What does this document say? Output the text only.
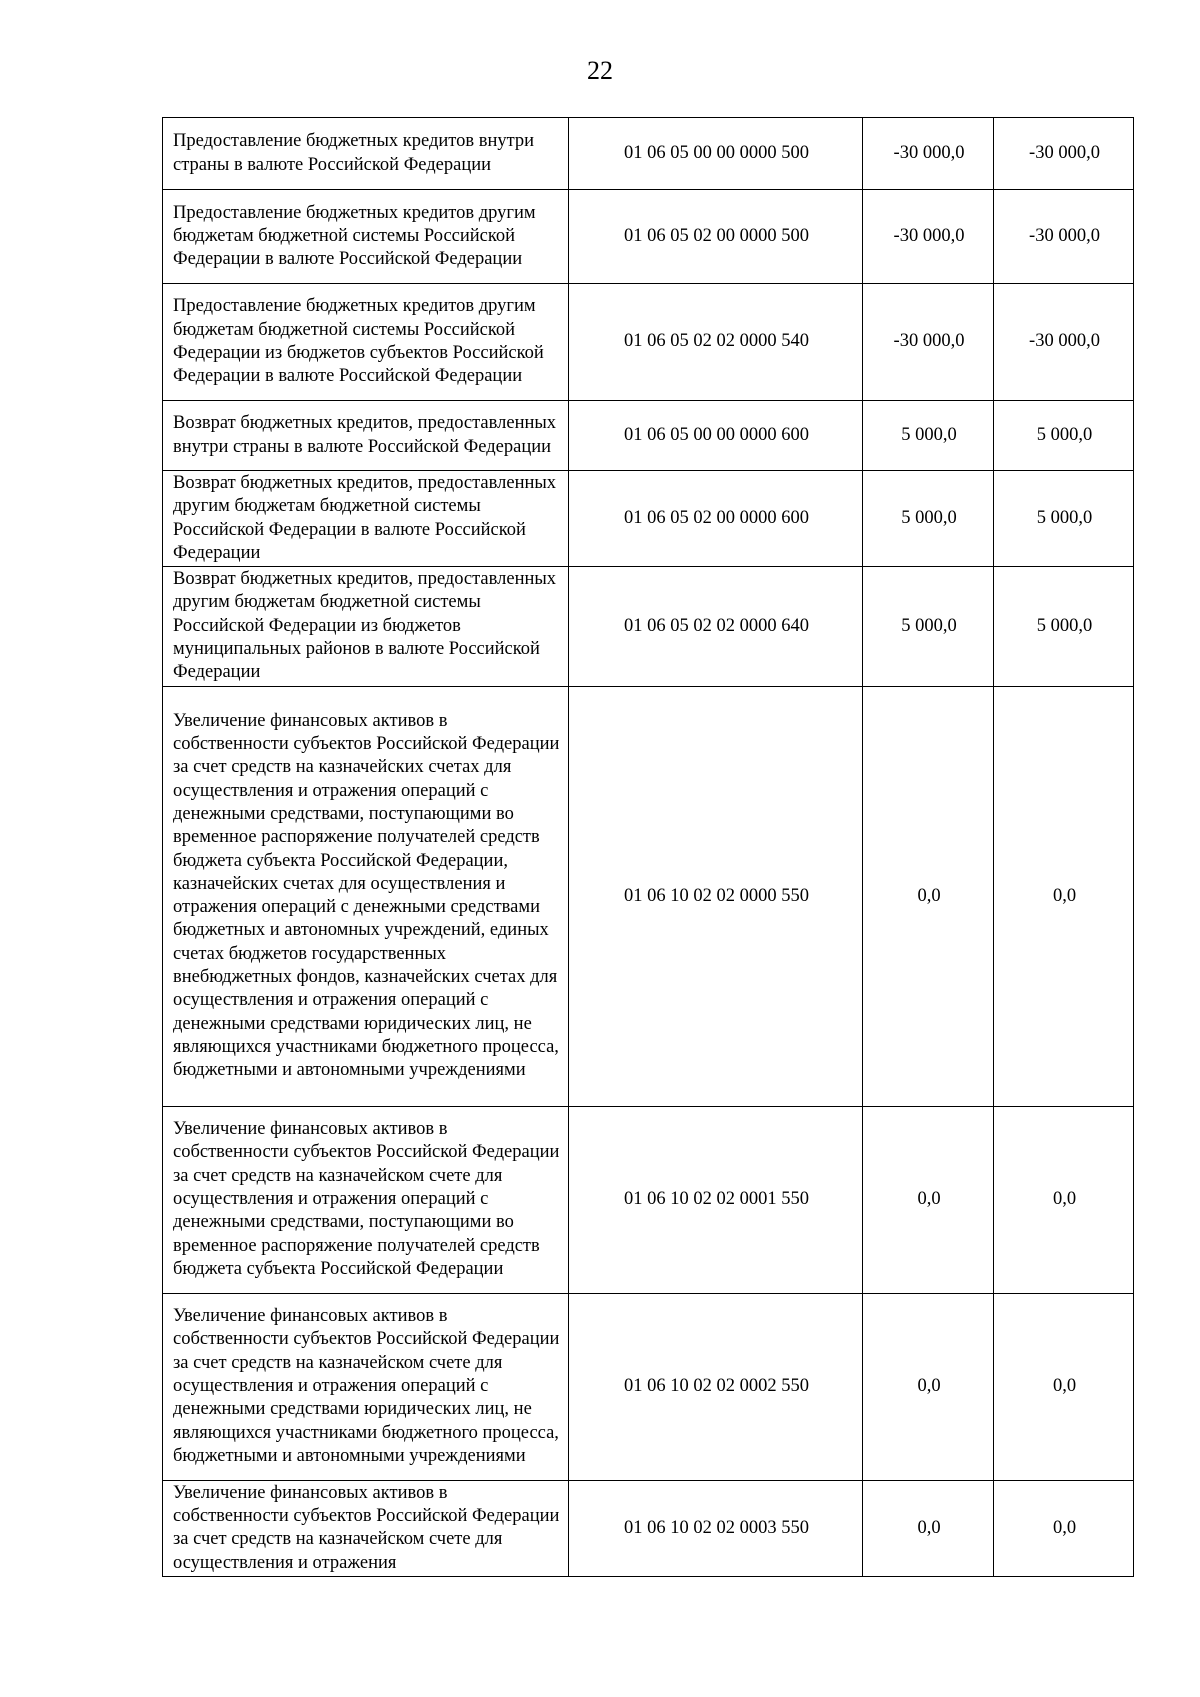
22
Предоставление бюджетных кредитов внутри страны в валюте Российской Федерации	01 06 05 00 00 0000 500	-30 000,0	-30 000,0
Предоставление бюджетных кредитов другим бюджетам бюджетной системы Российской Федерации в валюте Российской Федерации	01 06 05 02 00 0000 500	-30 000,0	-30 000,0
Предоставление бюджетных кредитов другим бюджетам бюджетной системы Российской Федерации из бюджетов субъектов Российской Федерации в валюте Российской Федерации	01 06 05 02 02 0000 540	-30 000,0	-30 000,0
Возврат бюджетных кредитов, предоставленных внутри страны в валюте Российской Федерации	01 06 05 00 00 0000 600	5 000,0	5 000,0
Возврат бюджетных кредитов, предоставленных другим бюджетам бюджетной системы Российской Федерации в валюте Российской Федерации	01 06 05 02 00 0000 600	5 000,0	5 000,0
Возврат бюджетных кредитов, предоставленных другим бюджетам бюджетной системы Российской Федерации из бюджетов муниципальных районов в валюте Российской Федерации	01 06 05 02 02 0000 640	5 000,0	5 000,0
Увеличение финансовых активов в собственности субъектов Российской Федерации за счет средств на казначейских счетах для осуществления и отражения операций с денежными средствами, поступающими во временное распоряжение получателей средств бюджета субъекта Российской Федерации, казначейских счетах для осуществления и отражения операций с денежными средствами бюджетных и автономных учреждений, единых счетах бюджетов государственных внебюджетных фондов, казначейских счетах для осуществления и отражения операций с денежными средствами юридических лиц, не являющихся участниками бюджетного процесса, бюджетными и автономными учреждениями	01 06 10 02 02 0000 550	0,0	0,0
Увеличение финансовых активов в собственности субъектов Российской Федерации за счет средств на казначейском счете для осуществления и отражения операций с денежными средствами, поступающими во временное распоряжение получателей средств бюджета субъекта Российской Федерации	01 06 10 02 02 0001 550	0,0	0,0
Увеличение финансовых активов в собственности субъектов Российской Федерации за счет средств на казначейском счете для осуществления и отражения операций с денежными средствами юридических лиц, не являющихся участниками бюджетного процесса, бюджетными и автономными учреждениями	01 06 10 02 02 0002 550	0,0	0,0
Увеличение финансовых активов в собственности субъектов Российской Федерации за счет средств на казначейском счете для осуществления и отражения	01 06 10 02 02 0003 550	0,0	0,0
